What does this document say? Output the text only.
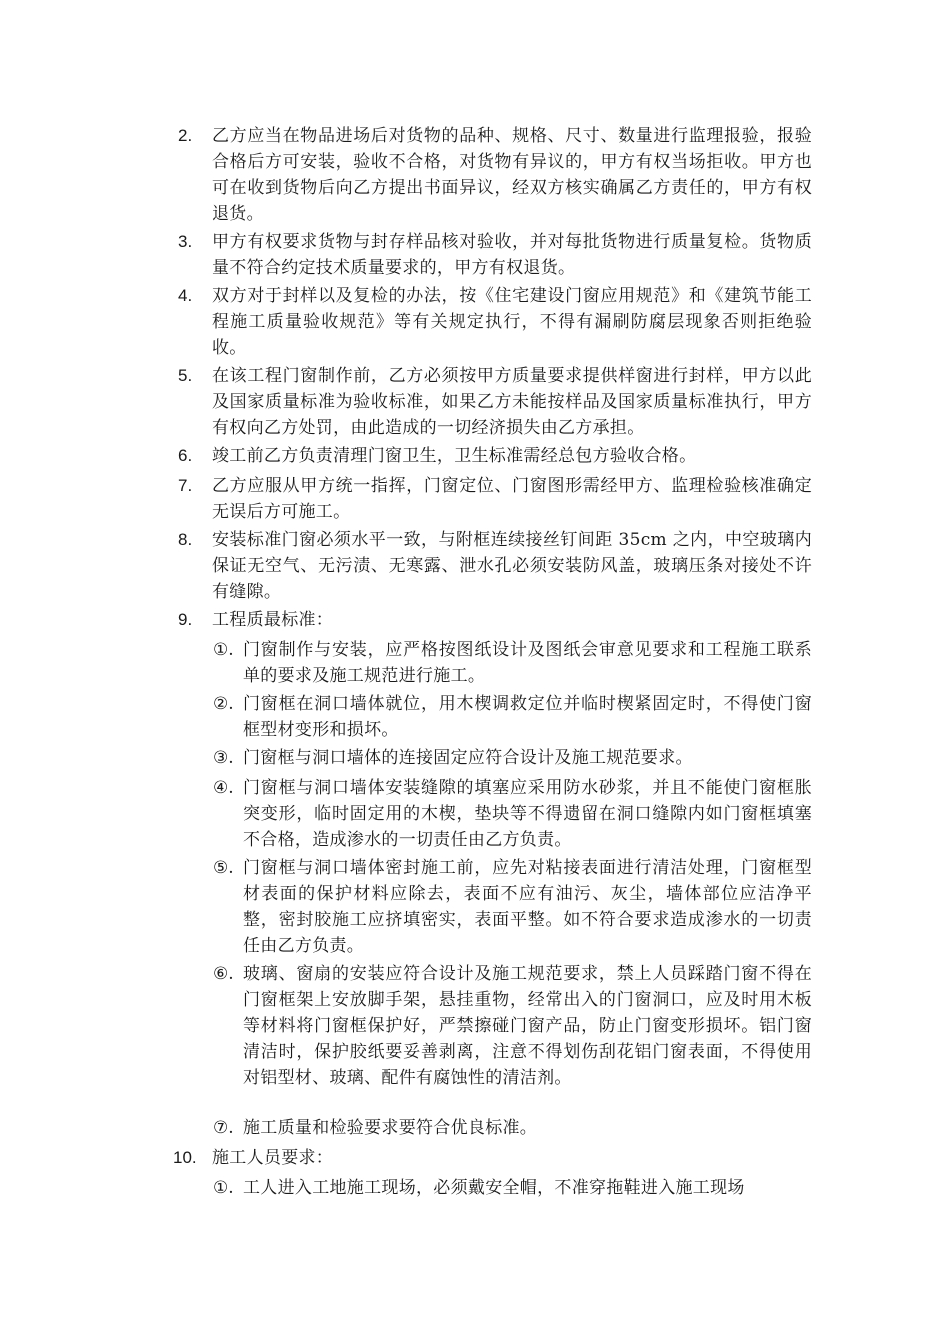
2.	乙方应当在物品进场后对货物的品种、规格、尺寸、数量进行监理报验，报验合格后方可安装，验收不合格，对货物有异议的，甲方有权当场拒收。甲方也可在收到货物后向乙方提出书面异议，经双方核实确属乙方责任的，甲方有权退货。
3.	甲方有权要求货物与封存样品核对验收，并对每批货物进行质量复检。货物质量不符合约定技术质量要求的，甲方有权退货。
4.	双方对于封样以及复检的办法，按《住宅建设门窗应用规范》和《建筑节能工程施工质量验收规范》等有关规定执行，不得有漏刷防腐层现象否则拒绝验收。
5.	在该工程门窗制作前，乙方必须按甲方质量要求提供样窗进行封样，甲方以此及国家质量标准为验收标准，如果乙方未能按样品及国家质量标准执行，甲方有权向乙方处罚，由此造成的一切经济损失由乙方承担。
6.	竣工前乙方负责清理门窗卫生，卫生标准需经总包方验收合格。
7.	乙方应服从甲方统一指挥，门窗定位、门窗图形需经甲方、监理检验核准确定无误后方可施工。
8.	安装标准门窗必须水平一致，与附框连续接丝钉间距 35cm 之内，中空玻璃内保证无空气、无污渍、无寒露、泄水孔必须安装防风盖，玻璃压条对接处不许有缝隙。
9.	工程质最标准：
①. 门窗制作与安装，应严格按图纸设计及图纸会审意见要求和工程施工联系单的要求及施工规范进行施工。
②. 门窗框在洞口墙体就位，用木楔调救定位并临时楔紧固定时，不得使门窗框型材变形和损坏。
③. 门窗框与洞口墙体的连接固定应符合设计及施工规范要求。
④. 门窗框与洞口墙体安装缝隙的填塞应采用防水砂浆，并且不能使门窗框胀突变形，临时固定用的木楔，垫块等不得遗留在洞口缝隙内如门窗框填塞不合格，造成渗水的一切责任由乙方负责。
⑤. 门窗框与洞口墙体密封施工前，应先对粘接表面进行清洁处理，门窗框型材表面的保护材料应除去，表面不应有油污、灰尘，墙体部位应洁净平整，密封胶施工应挤填密实，表面平整。如不符合要求造成渗水的一切责任由乙方负责。
⑥. 玻璃、窗扇的安装应符合设计及施工规范要求，禁上人员踩踏门窗不得在门窗框架上安放脚手架，悬挂重物，经常出入的门窗洞口，应及时用木板等材料将门窗框保护好，严禁擦碰门窗产品，防止门窗变形损坏。铝门窗清洁时，保护胶纸要妥善剥离，注意不得划伤刮花铝门窗表面，不得使用对铝型材、玻璃、配件有腐蚀性的清洁剂。
⑦. 施工质量和检验要求要符合优良标准。
10. 施工人员要求：
①. 工人进入工地施工现场，必须戴安全帽，不准穿拖鞋进入施工现场
